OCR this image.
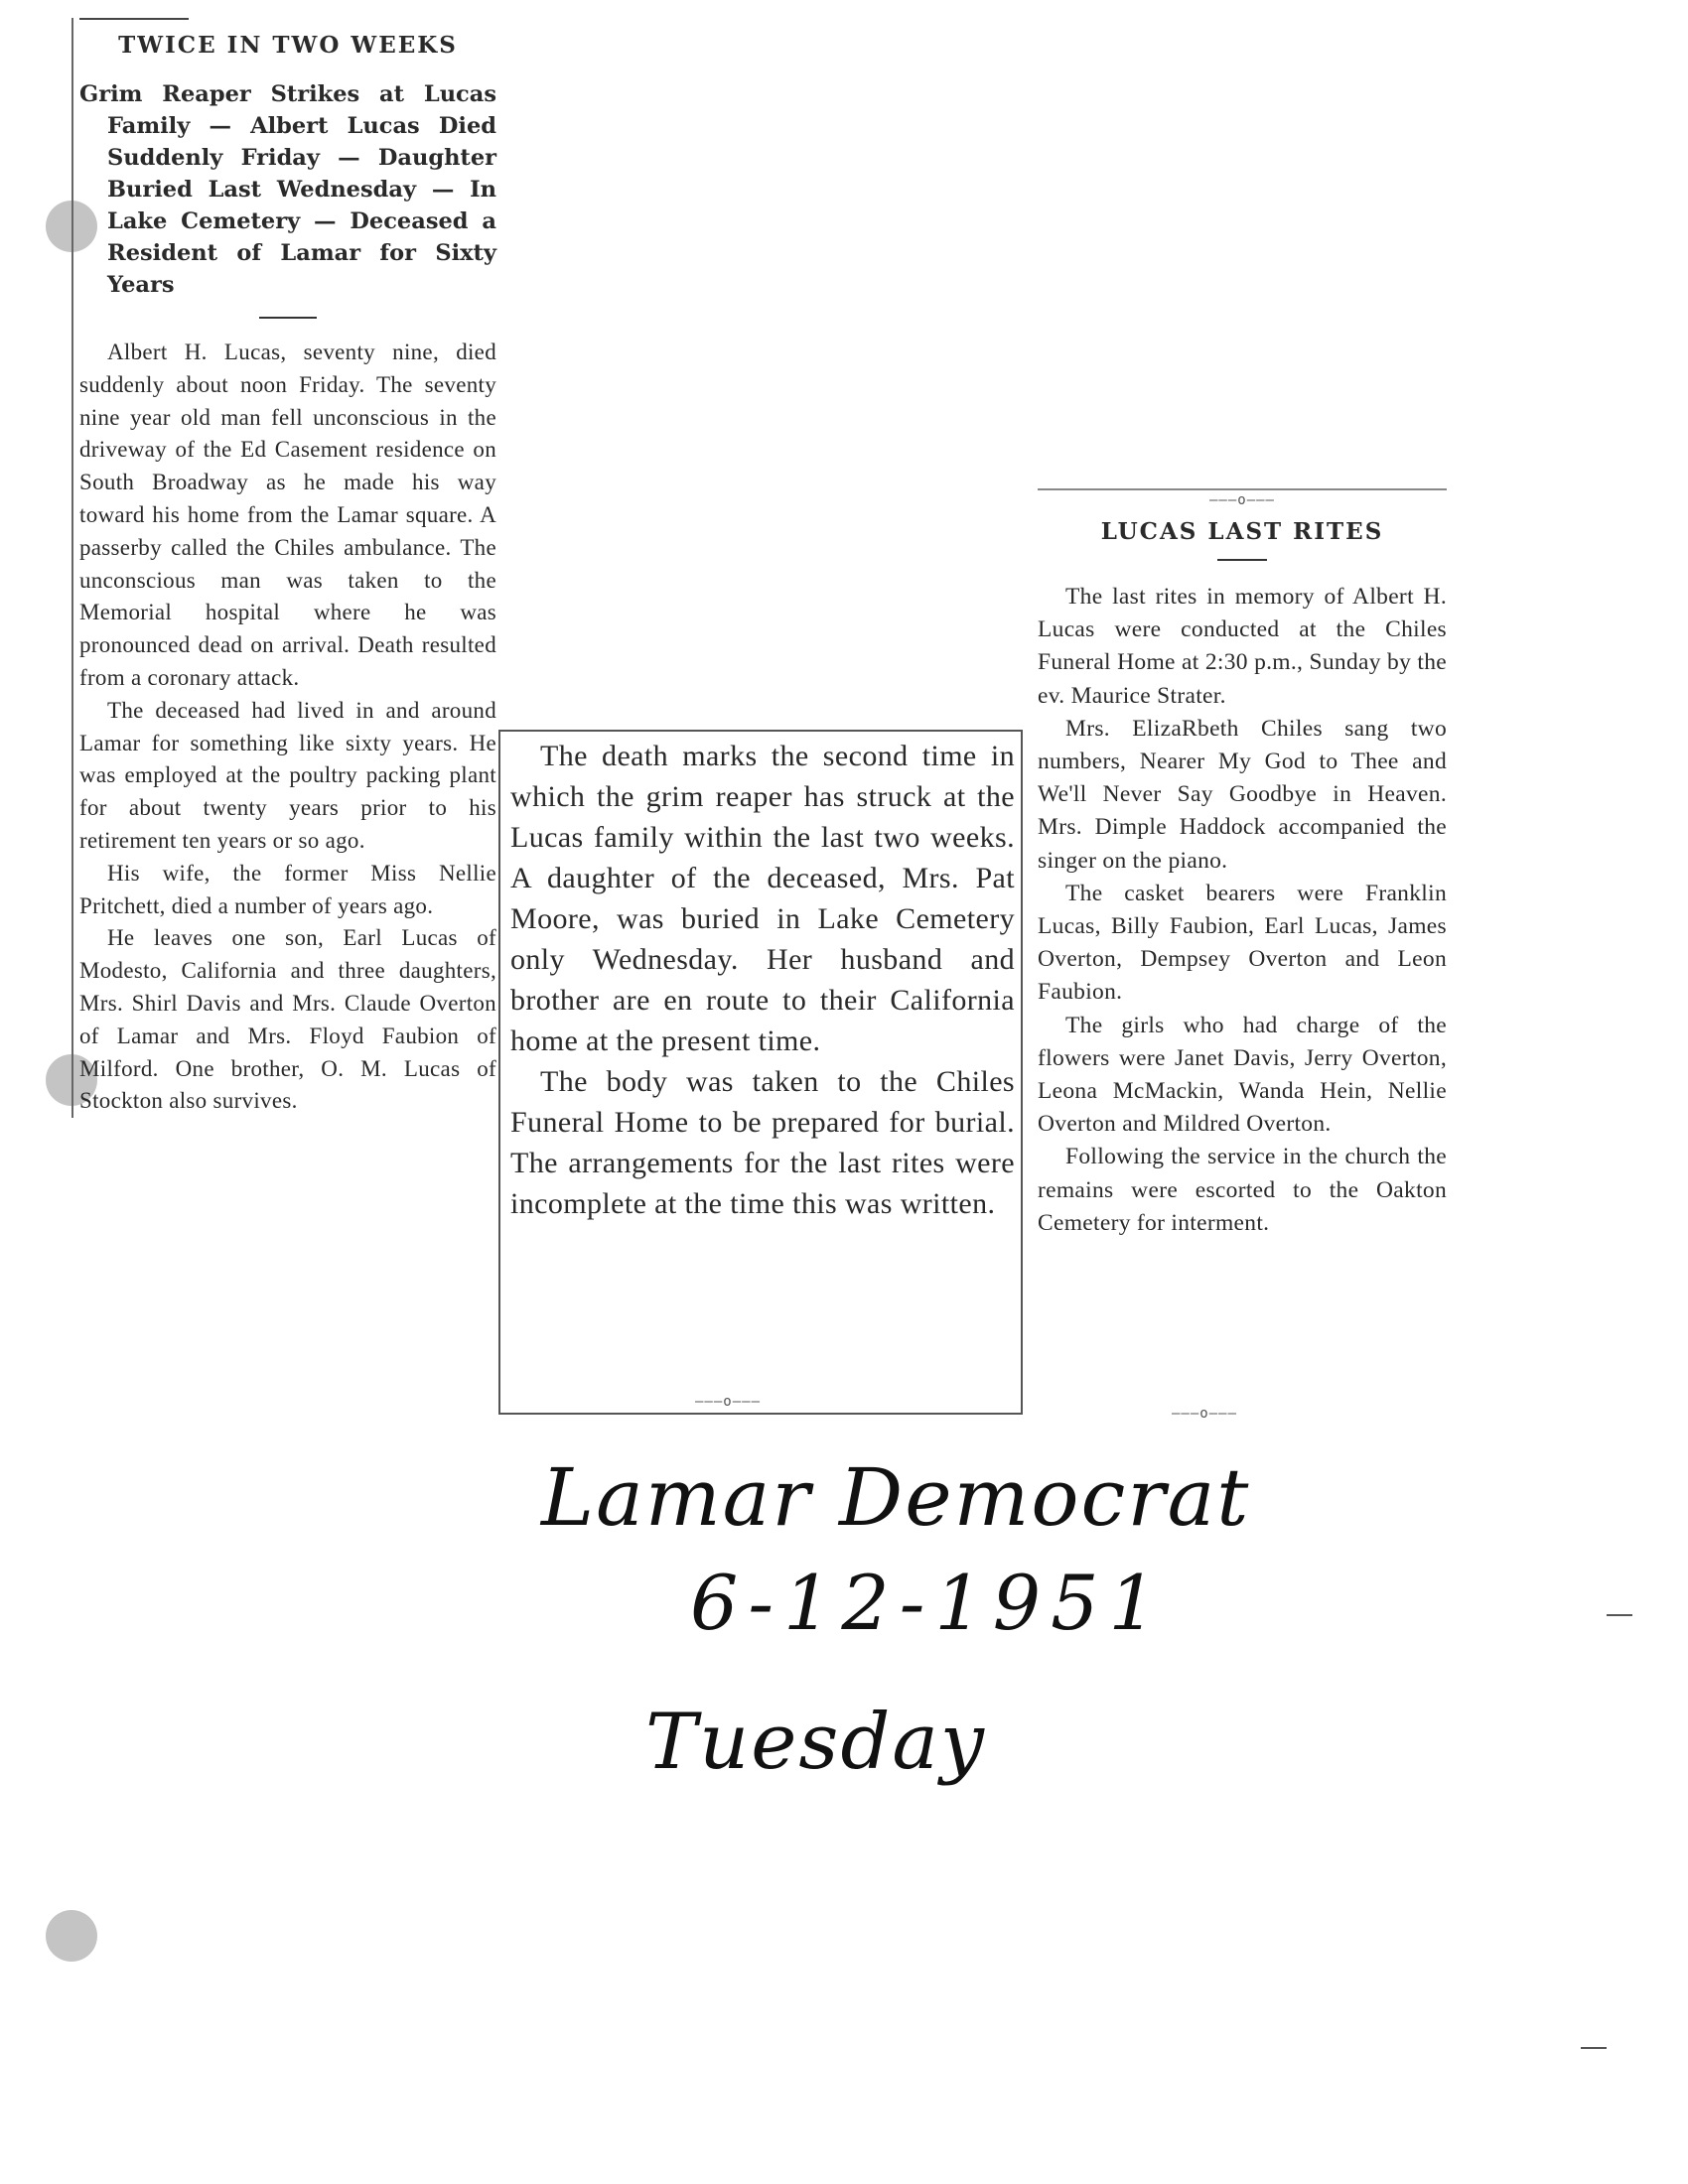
TWICE IN TWO WEEKS
Grim Reaper Strikes at Lucas Family — Albert Lucas Died Suddenly Friday — Daughter Buried Last Wednesday — In Lake Cemetery — Deceased a Resident of Lamar for Sixty Years

Albert H. Lucas, seventy nine, died suddenly about noon Friday. The seventy nine year old man fell unconscious in the driveway of the Ed Casement residence on South Broadway as he made his way toward his home from the Lamar square. A passerby called the Chiles ambulance. The unconscious man was taken to the Memorial hospital where he was pronounced dead on arrival. Death resulted from a coronary attack.

The deceased had lived in and around Lamar for something like sixty years. He was employed at the poultry packing plant for about twenty years prior to his retirement ten years or so ago.

His wife, the former Miss Nellie Pritchett, died a number of years ago.

He leaves one son, Earl Lucas of Modesto, California and three daughters, Mrs. Shirl Davis and Mrs. Claude Overton of Lamar and Mrs. Floyd Faubion of Milford. One brother, O. M. Lucas of Stockton also survives.

The death marks the second time in which the grim reaper has struck at the Lucas family within the last two weeks. A daughter of the deceased, Mrs. Pat Moore, was buried in Lake Cemetery only Wednesday. Her husband and brother are en route to their California home at the present time.

The body was taken to the Chiles Funeral Home to be prepared for burial. The arrangements for the last rites were incomplete at the time this was written.

———o———
———o———
LUCAS LAST RITES

The last rites in memory of Albert H. Lucas were conducted at the Chiles Funeral Home at 2:30 p.m., Sunday by the ev. Maurice Strater.

Mrs. ElizaRbeth Chiles sang two numbers, Nearer My God to Thee and We'll Never Say Goodbye in Heaven. Mrs. Dimple Haddock accompanied the singer on the piano.

The casket bearers were Franklin Lucas, Billy Faubion, Earl Lucas, James Overton, Dempsey Overton and Leon Faubion.

The girls who had charge of the flowers were Janet Davis, Jerry Overton, Leona McMackin, Wanda Hein, Nellie Overton and Mildred Overton.

Following the service in the church the remains were escorted to the Oakton Cemetery for interment.

———o———
Lamar Democrat
6-12-1951
Tuesday
